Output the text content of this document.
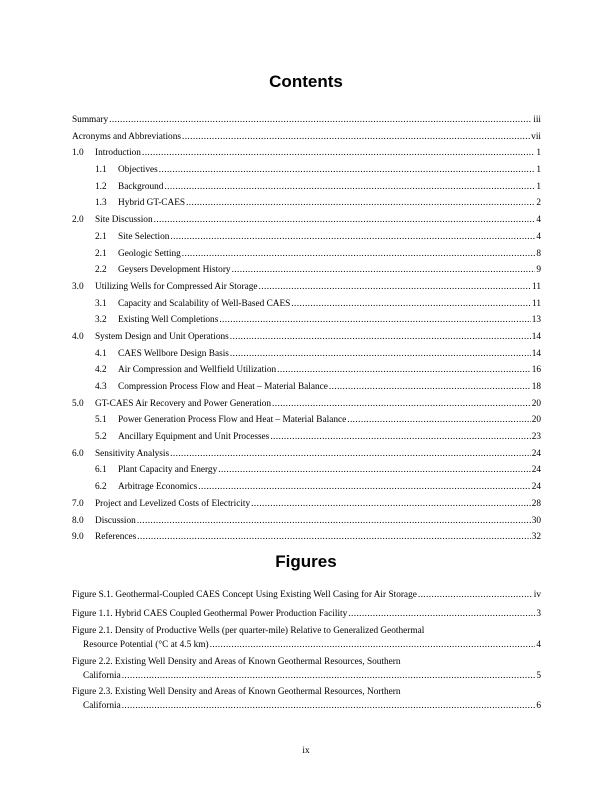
Contents
Summary .....	iii
Acronyms and Abbreviations .....	vii
1.0	Introduction .....	1
1.1	Objectives .....	1
1.2	Background .....	1
1.3	Hybrid GT-CAES .....	2
2.0	Site Discussion .....	4
2.1	Site Selection .....	4
2.1	Geologic Setting .....	8
2.2	Geysers Development History .....	9
3.0	Utilizing Wells for Compressed Air Storage .....	11
3.1	Capacity and Scalability of Well-Based CAES .....	11
3.2	Existing Well Completions .....	13
4.0	System Design and Unit Operations .....	14
4.1	CAES Wellbore Design Basis .....	14
4.2	Air Compression and Wellfield Utilization .....	16
4.3	Compression Process Flow and Heat – Material Balance .....	18
5.0	GT-CAES Air Recovery and Power Generation .....	20
5.1	Power Generation Process Flow and Heat – Material Balance .....	20
5.2	Ancillary Equipment and Unit Processes .....	23
6.0	Sensitivity Analysis .....	24
6.1	Plant Capacity and Energy .....	24
6.2	Arbitrage Economics .....	24
7.0	Project and Levelized Costs of Electricity .....	28
8.0	Discussion .....	30
9.0	References .....	32
Figures
Figure S.1. Geothermal-Coupled CAES Concept Using Existing Well Casing for Air Storage .....	iv
Figure 1.1. Hybrid CAES Coupled Geothermal Power Production Facility .....	3
Figure 2.1. Density of Productive Wells (per quarter-mile) Relative to Generalized Geothermal
Resource Potential (°C at 4.5 km) .....	4
Figure 2.2. Existing Well Density and Areas of Known Geothermal Resources, Southern
California .....	5
Figure 2.3. Existing Well Density and Areas of Known Geothermal Resources, Northern
California .....	6
ix
